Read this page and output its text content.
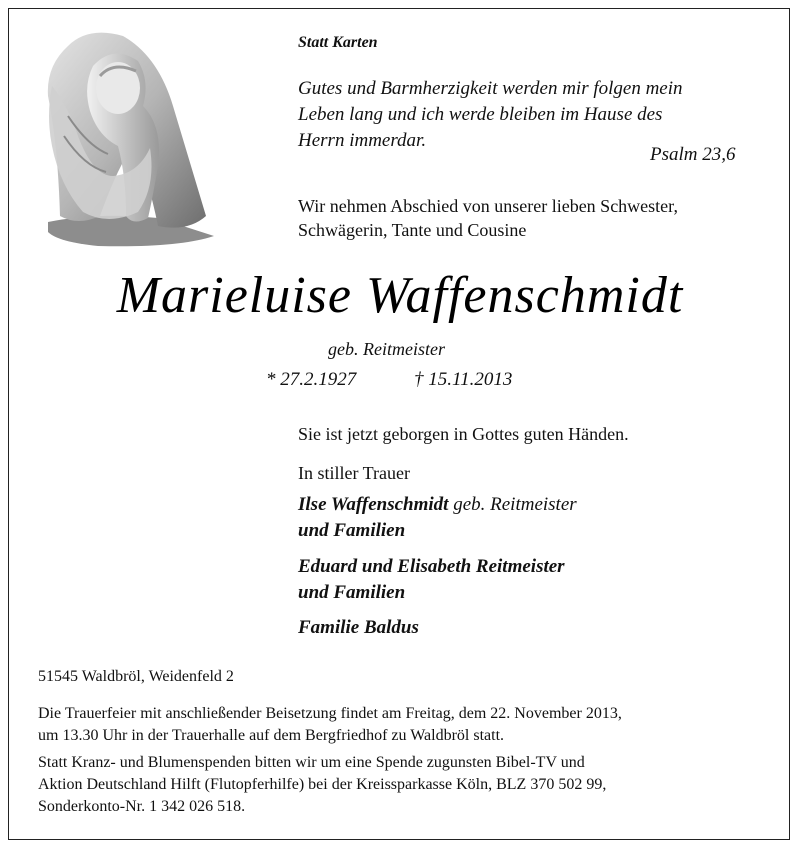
Statt Karten
Gutes und Barmherzigkeit werden mir folgen mein
Leben lang und ich werde bleiben im Hause des
Herrn immerdar.
Psalm 23,6
Wir nehmen Abschied von unserer lieben Schwester,
Schwägerin, Tante und Cousine
Marieluise Waffenschmidt
geb. Reitmeister
* 27.2.1927	† 15.11.2013
Sie ist jetzt geborgen in Gottes guten Händen.
In stiller Trauer
Ilse Waffenschmidt geb. Reitmeister
und Familien
Eduard und Elisabeth Reitmeister
und Familien
Familie Baldus
51545 Waldbröl, Weidenfeld 2
Die Trauerfeier mit anschließender Beisetzung findet am Freitag, dem 22. November 2013,
um 13.30 Uhr in der Trauerhalle auf dem Bergfriedhof zu Waldbröl statt.
Statt Kranz- und Blumenspenden bitten wir um eine Spende zugunsten Bibel-TV und
Aktion Deutschland Hilft (Flutopferhilfe) bei der Kreissparkasse Köln, BLZ 370 502 99,
Sonderkonto-Nr. 1 342 026 518.
